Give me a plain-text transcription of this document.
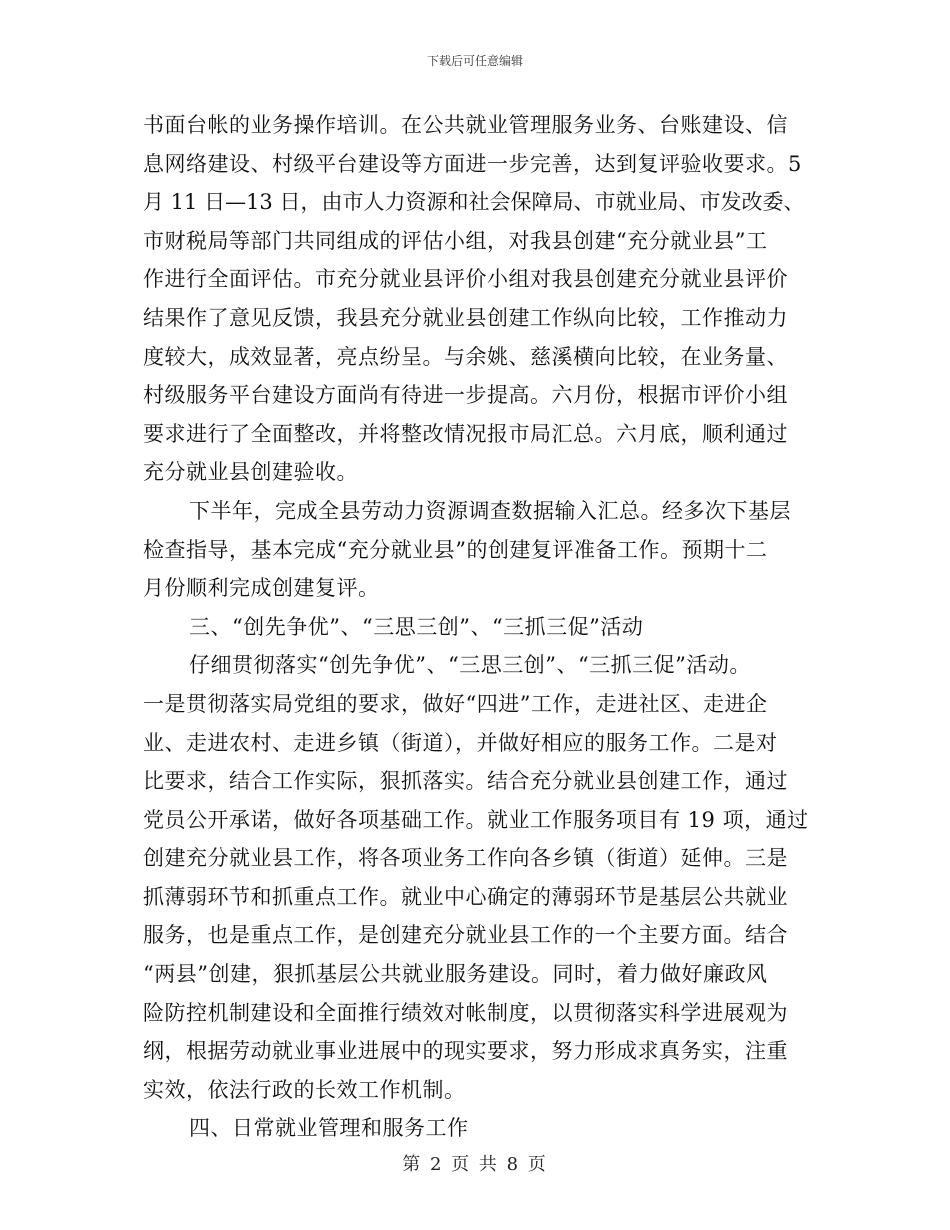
下载后可任意编辑
书面台帐的业务操作培训。在公共就业管理服务业务、台账建设、信
息网络建设、村级平台建设等方面进一步完善，达到复评验收要求。5
月 11 日—13 日，由市人力资源和社会保障局、市就业局、市发改委、
市财税局等部门共同组成的评估小组，对我县创建“充分就业县”工
作进行全面评估。市充分就业县评价小组对我县创建充分就业县评价
结果作了意见反馈，我县充分就业县创建工作纵向比较，工作推动力
度较大，成效显著，亮点纷呈。与余姚、慈溪横向比较，在业务量、
村级服务平台建设方面尚有待进一步提高。六月份，根据市评价小组
要求进行了全面整改，并将整改情况报市局汇总。六月底，顺利通过
充分就业县创建验收。
下半年，完成全县劳动力资源调查数据输入汇总。经多次下基层
检查指导，基本完成“充分就业县”的创建复评准备工作。预期十二
月份顺利完成创建复评。
三、“创先争优”、“三思三创”、“三抓三促”活动
仔细贯彻落实“创先争优”、“三思三创”、“三抓三促”活动。
一是贯彻落实局党组的要求，做好“四进”工作，走进社区、走进企
业、走进农村、走进乡镇（街道），并做好相应的服务工作。二是对
比要求，结合工作实际，狠抓落实。结合充分就业县创建工作，通过
党员公开承诺，做好各项基础工作。就业工作服务项目有 19 项，通过
创建充分就业县工作，将各项业务工作向各乡镇（街道）延伸。三是
抓薄弱环节和抓重点工作。就业中心确定的薄弱环节是基层公共就业
服务，也是重点工作，是创建充分就业县工作的一个主要方面。结合
“两县”创建，狠抓基层公共就业服务建设。同时，着力做好廉政风
险防控机制建设和全面推行绩效对帐制度，以贯彻落实科学进展观为
纲，根据劳动就业事业进展中的现实要求，努力形成求真务实，注重
实效，依法行政的长效工作机制。
四、日常就业管理和服务工作
第 2 页 共 8 页
